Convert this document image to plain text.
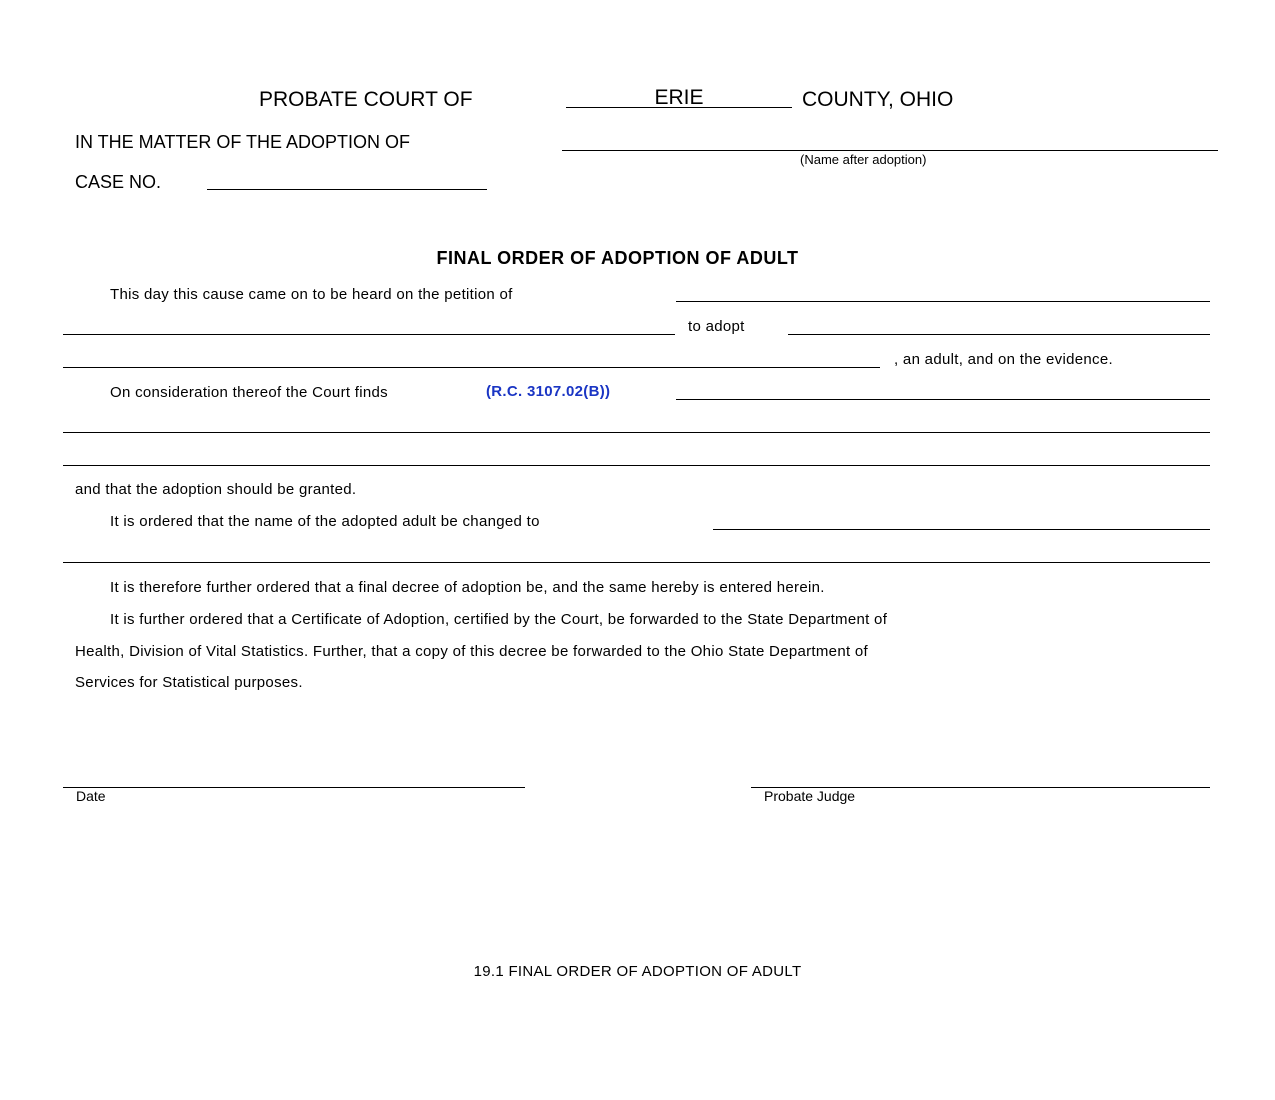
PROBATE COURT OF	ERIE	COUNTY, OHIO
IN THE MATTER OF THE ADOPTION OF
(Name after adoption)
CASE NO.
FINAL ORDER OF ADOPTION OF ADULT
This day this cause came on to be heard on the petition of
to adopt
, an adult, and on the evidence.
On consideration thereof the Court finds	(R.C. 3107.02(B))
and that the adoption should be granted.
It is ordered that the name of the adopted adult be changed to
It is therefore further ordered that a final decree of adoption be, and the same hereby is entered herein.
It is further ordered that a Certificate of Adoption, certified by the Court, be forwarded to the State Department of
Health, Division of Vital Statistics. Further, that a copy of this decree be forwarded to the Ohio State Department of
Services for Statistical purposes.
Date	Probate Judge
19.1 FINAL ORDER OF ADOPTION OF ADULT
